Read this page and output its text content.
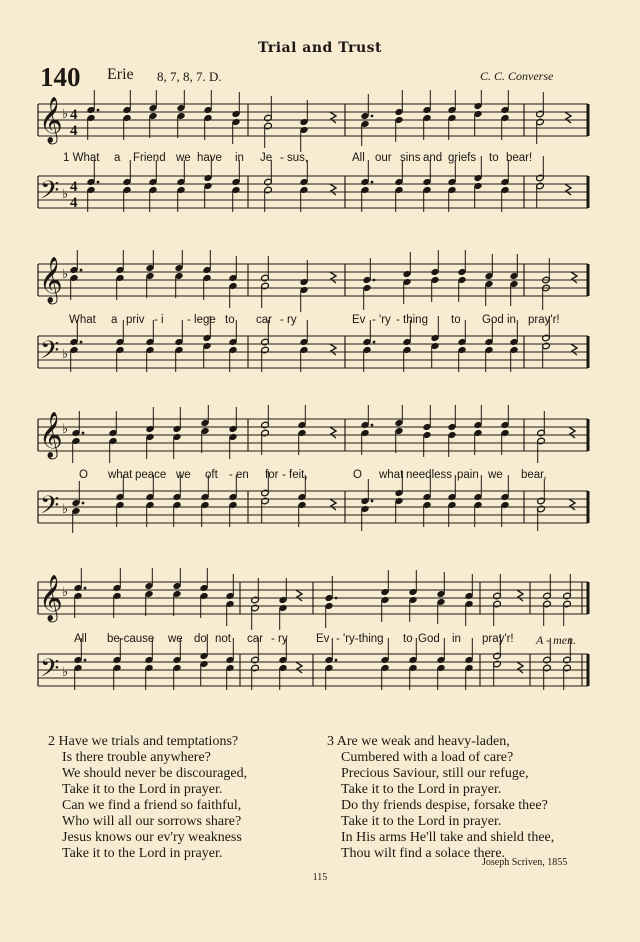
Trial and Trust
140 Erie 8, 7, 8, 7. D.	C. C. Converse
𝄞
𝄢
♭
♭
4
4
4
4
𝄞
𝄢
♭
♭
𝄞
𝄢
♭
♭
𝄞
𝄢
♭
♭
1 What a Friend we have in Je - sus,	All our sins and griefs to bear!
What a priv - i - lege to car - ry	Ev - 'ry - thing to God in pray'r!
O what peace we oft - en for - feit,	O what needless pain we bear,
All be-cause we do not car - ry Ev - 'ry-thing to God in pray'r! A - men.
2 Have we trials and temptations?
Is there trouble anywhere?
We should never be discouraged,
Take it to the Lord in prayer.
Can we find a friend so faithful,
Who will all our sorrows share?
Jesus knows our ev'ry weakness
Take it to the Lord in prayer.
3 Are we weak and heavy-laden,
Cumbered with a load of care?
Precious Saviour, still our refuge,
Take it to the Lord in prayer.
Do thy friends despise, forsake thee?
Take it to the Lord in prayer.
In His arms He'll take and shield thee,
Thou wilt find a solace there.
Joseph Scriven, 1855
115
